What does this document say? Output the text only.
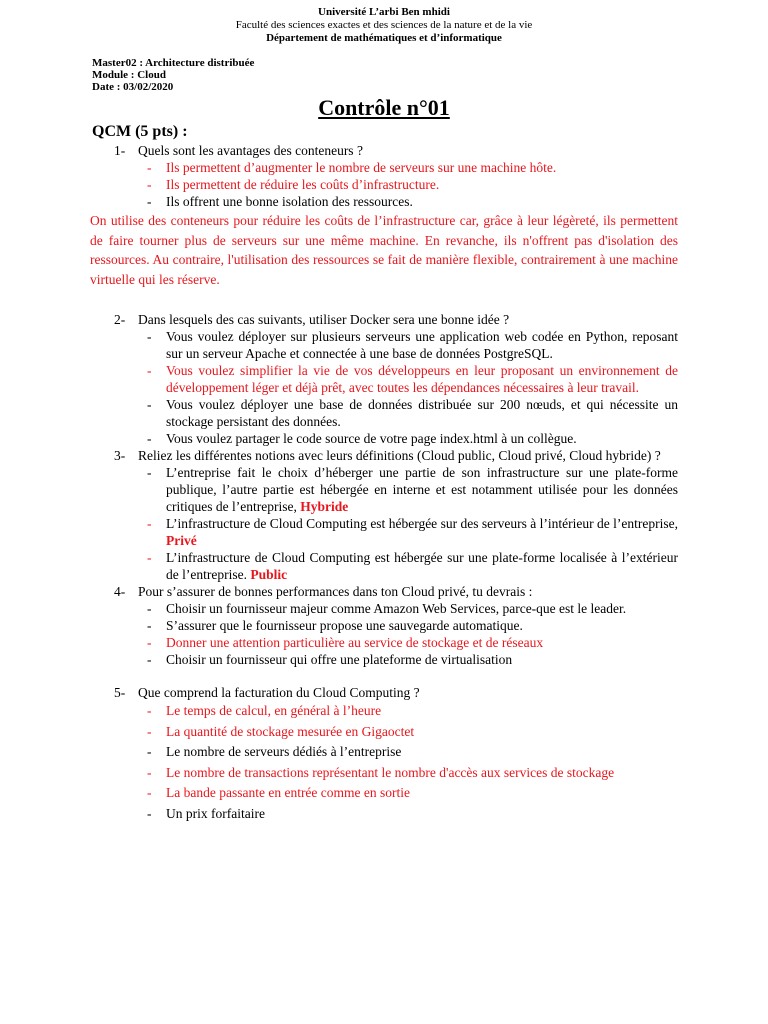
Université L’arbi Ben mhidi
Faculté des sciences exactes et des sciences de la nature et de la vie
Département de mathématiques et d’informatique
Master02 : Architecture distribuée
Module : Cloud
Date : 03/02/2020
Contrôle n°01
QCM (5 pts) :
1- Quels sont les avantages des conteneurs ?
- Ils permettent d’augmenter le nombre de serveurs sur une machine hôte.
- Ils permettent de réduire les coûts d’infrastructure.
- Ils offrent une bonne isolation des ressources.
On utilise des conteneurs pour réduire les coûts de l’infrastructure car, grâce à leur légèreté, ils permettent de faire tourner plus de serveurs sur une même machine. En revanche, ils n'offrent pas d'isolation des ressources. Au contraire, l'utilisation des ressources se fait de manière flexible, contrairement à une machine virtuelle qui les réserve.
2- Dans lesquels des cas suivants, utiliser Docker sera une bonne idée ?
- Vous voulez déployer sur plusieurs serveurs une application web codée en Python, reposant sur un serveur Apache et connectée à une base de données PostgreSQL.
- Vous voulez simplifier la vie de vos développeurs en leur proposant un environnement de développement léger et déjà prêt, avec toutes les dépendances nécessaires à leur travail.
- Vous voulez déployer une base de données distribuée sur 200 nœuds, et qui nécessite un stockage persistant des données.
- Vous voulez partager le code source de votre page index.html à un collègue.
3- Reliez les différentes notions avec leurs définitions (Cloud public, Cloud privé, Cloud hybride) ?
- L’entreprise fait le choix d’héberger une partie de son infrastructure sur une plate-forme publique, l’autre partie est hébergée en interne et est notamment utilisée pour les données critiques de l’entreprise, Hybride
- L’infrastructure de Cloud Computing est hébergée sur des serveurs à l’intérieur de l’entreprise, Privé
- L’infrastructure de Cloud Computing est hébergée sur une plate-forme localisée à l’extérieur de l’entreprise. Public
4- Pour s’assurer de bonnes performances dans ton Cloud privé, tu devrais :
- Choisir un fournisseur majeur comme Amazon Web Services, parce-que est le leader.
- S’assurer que le fournisseur propose une sauvegarde automatique.
- Donner une attention particulière au service de stockage et de réseaux
- Choisir un fournisseur qui offre une plateforme de virtualisation
5- Que comprend la facturation du Cloud Computing ?
- Le temps de calcul, en général à l’heure
- La quantité de stockage mesurée en Gigaoctet
- Le nombre de serveurs dédiés à l’entreprise
- Le nombre de transactions représentant le nombre d'accès aux services de stockage
- La bande passante en entrée comme en sortie
- Un prix forfaitaire
